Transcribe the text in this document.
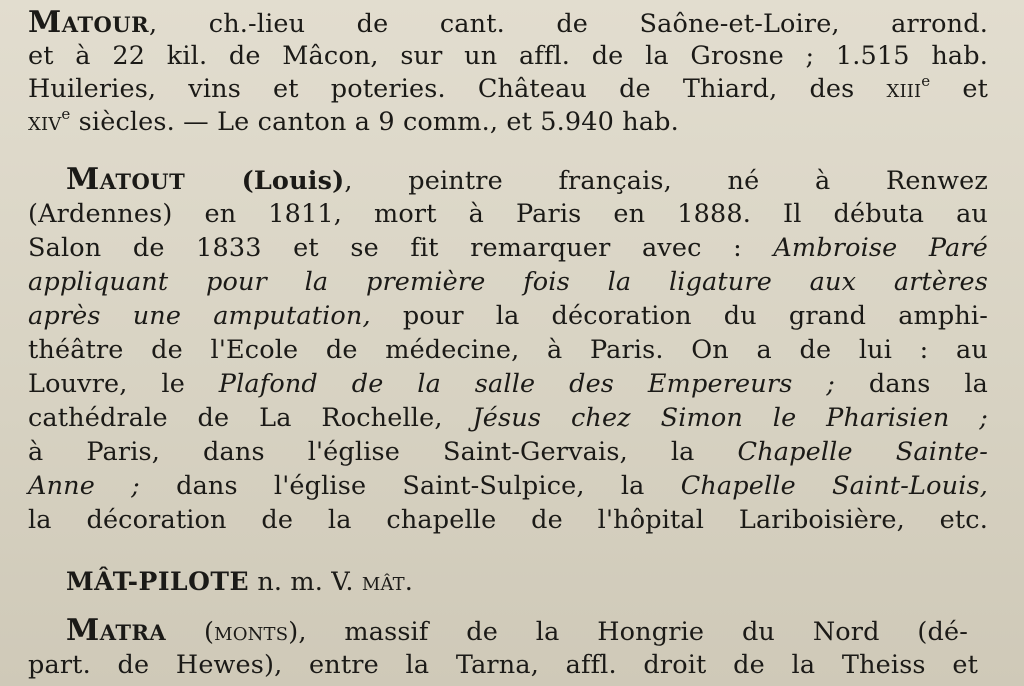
Matour, ch.-lieu de cant. de Saône-et-Loire, arrond.
et à 22 kil. de Mâcon, sur un affl. de la Grosne ; 1.515 hab.
Huileries, vins et poteries. Château de Thiard, des xiii$^e$ et
xiv$^e$ siècles. — Le canton a 9 comm., et 5.940 hab.
Matout (Louis), peintre français, né à Renwez
(Ardennes) en 1811, mort à Paris en 1888. Il débuta au
Salon de 1833 et se fit remarquer avec : Ambroise Paré
appliquant pour la première fois la ligature aux artères
après une amputation, pour la décoration du grand amphi-
théâtre de l'Ecole de médecine, à Paris. On a de lui : au
Louvre, le Plafond de la salle des Empereurs ; dans la
cathédrale de La Rochelle, Jésus chez Simon le Pharisien ;
à Paris, dans l'église Saint-Gervais, la Chapelle Sainte-
Anne ; dans l'église Saint-Sulpice, la Chapelle Saint-Louis,
la décoration de la chapelle de l'hôpital Lariboisière, etc.
MÂT-PILOTE n. m. V. mât.
Matra (monts), massif de la Hongrie du Nord (dé-
part. de Hewes), entre la Tarna, affl. droit de la Theiss et
